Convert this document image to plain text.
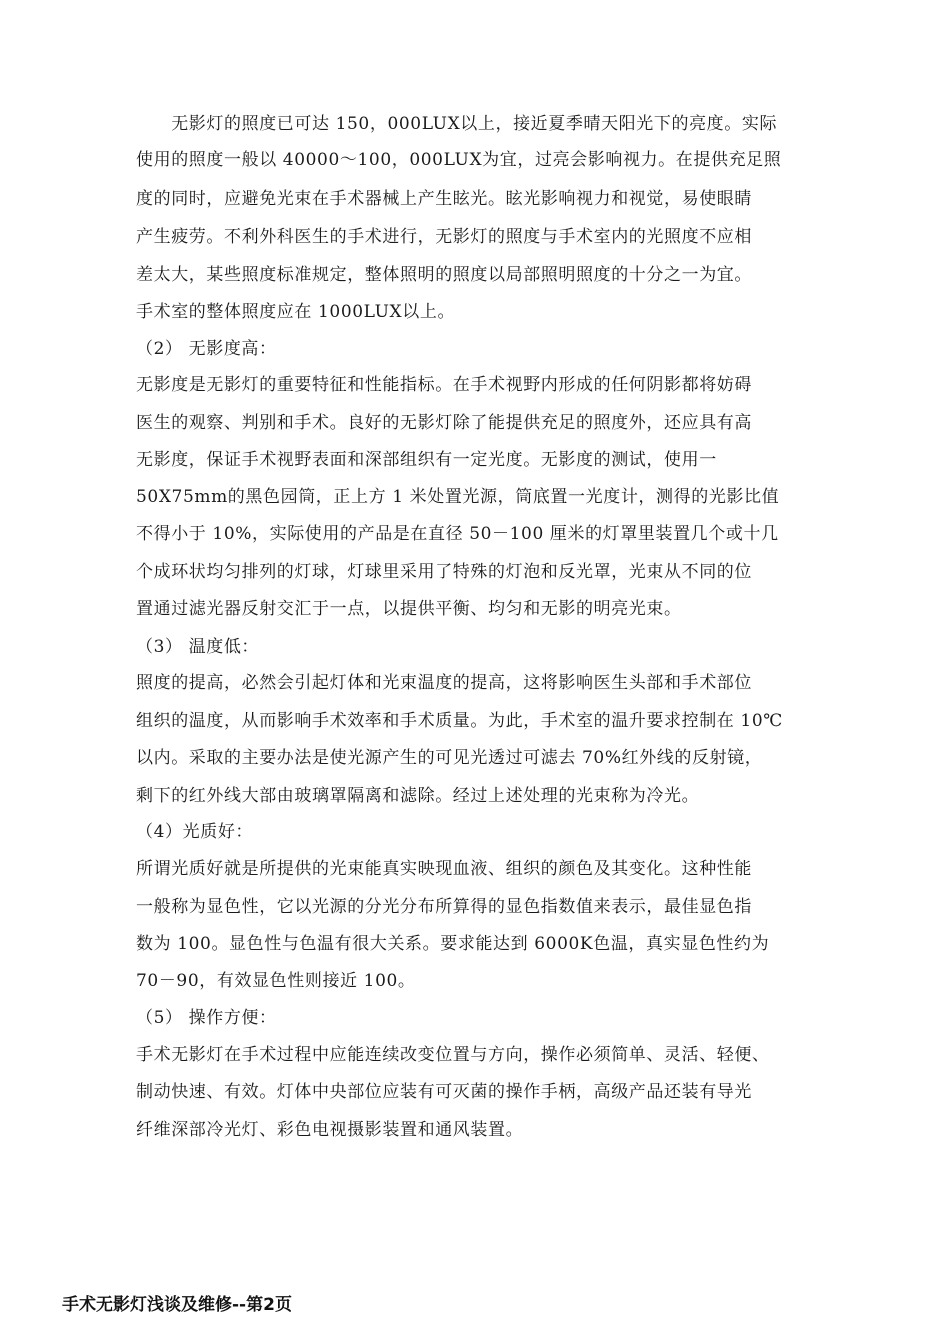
　　无影灯的照度已可达 150，000LUX以上，接近夏季晴天阳光下的亮度。实际
使用的照度一般以 40000～100，000LUX为宜，过亮会影响视力。在提供充足照
度的同时，应避免光束在手术器械上产生眩光。眩光影响视力和视觉，易使眼睛
产生疲劳。不利外科医生的手术进行，无影灯的照度与手术室内的光照度不应相
差太大，某些照度标准规定，整体照明的照度以局部照明照度的十分之一为宜。
手术室的整体照度应在 1000LUX以上。
（2） 无影度高：
无影度是无影灯的重要特征和性能指标。在手术视野内形成的任何阴影都将妨碍
医生的观察、判别和手术。良好的无影灯除了能提供充足的照度外，还应具有高
无影度，保证手术视野表面和深部组织有一定光度。无影度的测试，使用一
50X75mm的黑色园筒，正上方 1 米处置光源，筒底置一光度计，测得的光影比值
不得小于 10%，实际使用的产品是在直径 50－100 厘米的灯罩里装置几个或十几
个成环状均匀排列的灯球，灯球里采用了特殊的灯泡和反光罩，光束从不同的位
置通过滤光器反射交汇于一点，以提供平衡、均匀和无影的明亮光束。
（3） 温度低：
照度的提高，必然会引起灯体和光束温度的提高，这将影响医生头部和手术部位
组织的温度，从而影响手术效率和手术质量。为此，手术室的温升要求控制在 10℃
以内。采取的主要办法是使光源产生的可见光透过可滤去 70%红外线的反射镜，
剩下的红外线大部由玻璃罩隔离和滤除。经过上述处理的光束称为冷光。
（4）光质好：
所谓光质好就是所提供的光束能真实映现血液、组织的颜色及其变化。这种性能
一般称为显色性，它以光源的分光分布所算得的显色指数值来表示，最佳显色指
数为 100。显色性与色温有很大关系。要求能达到 6000K色温，真实显色性约为
70－90，有效显色性则接近 100。
（5） 操作方便：
手术无影灯在手术过程中应能连续改变位置与方向，操作必须简单、灵活、轻便、
制动快速、有效。灯体中央部位应装有可灭菌的操作手柄，高级产品还装有导光
纤维深部冷光灯、彩色电视摄影装置和通风装置。
手术无影灯浅谈及维修--第2页
